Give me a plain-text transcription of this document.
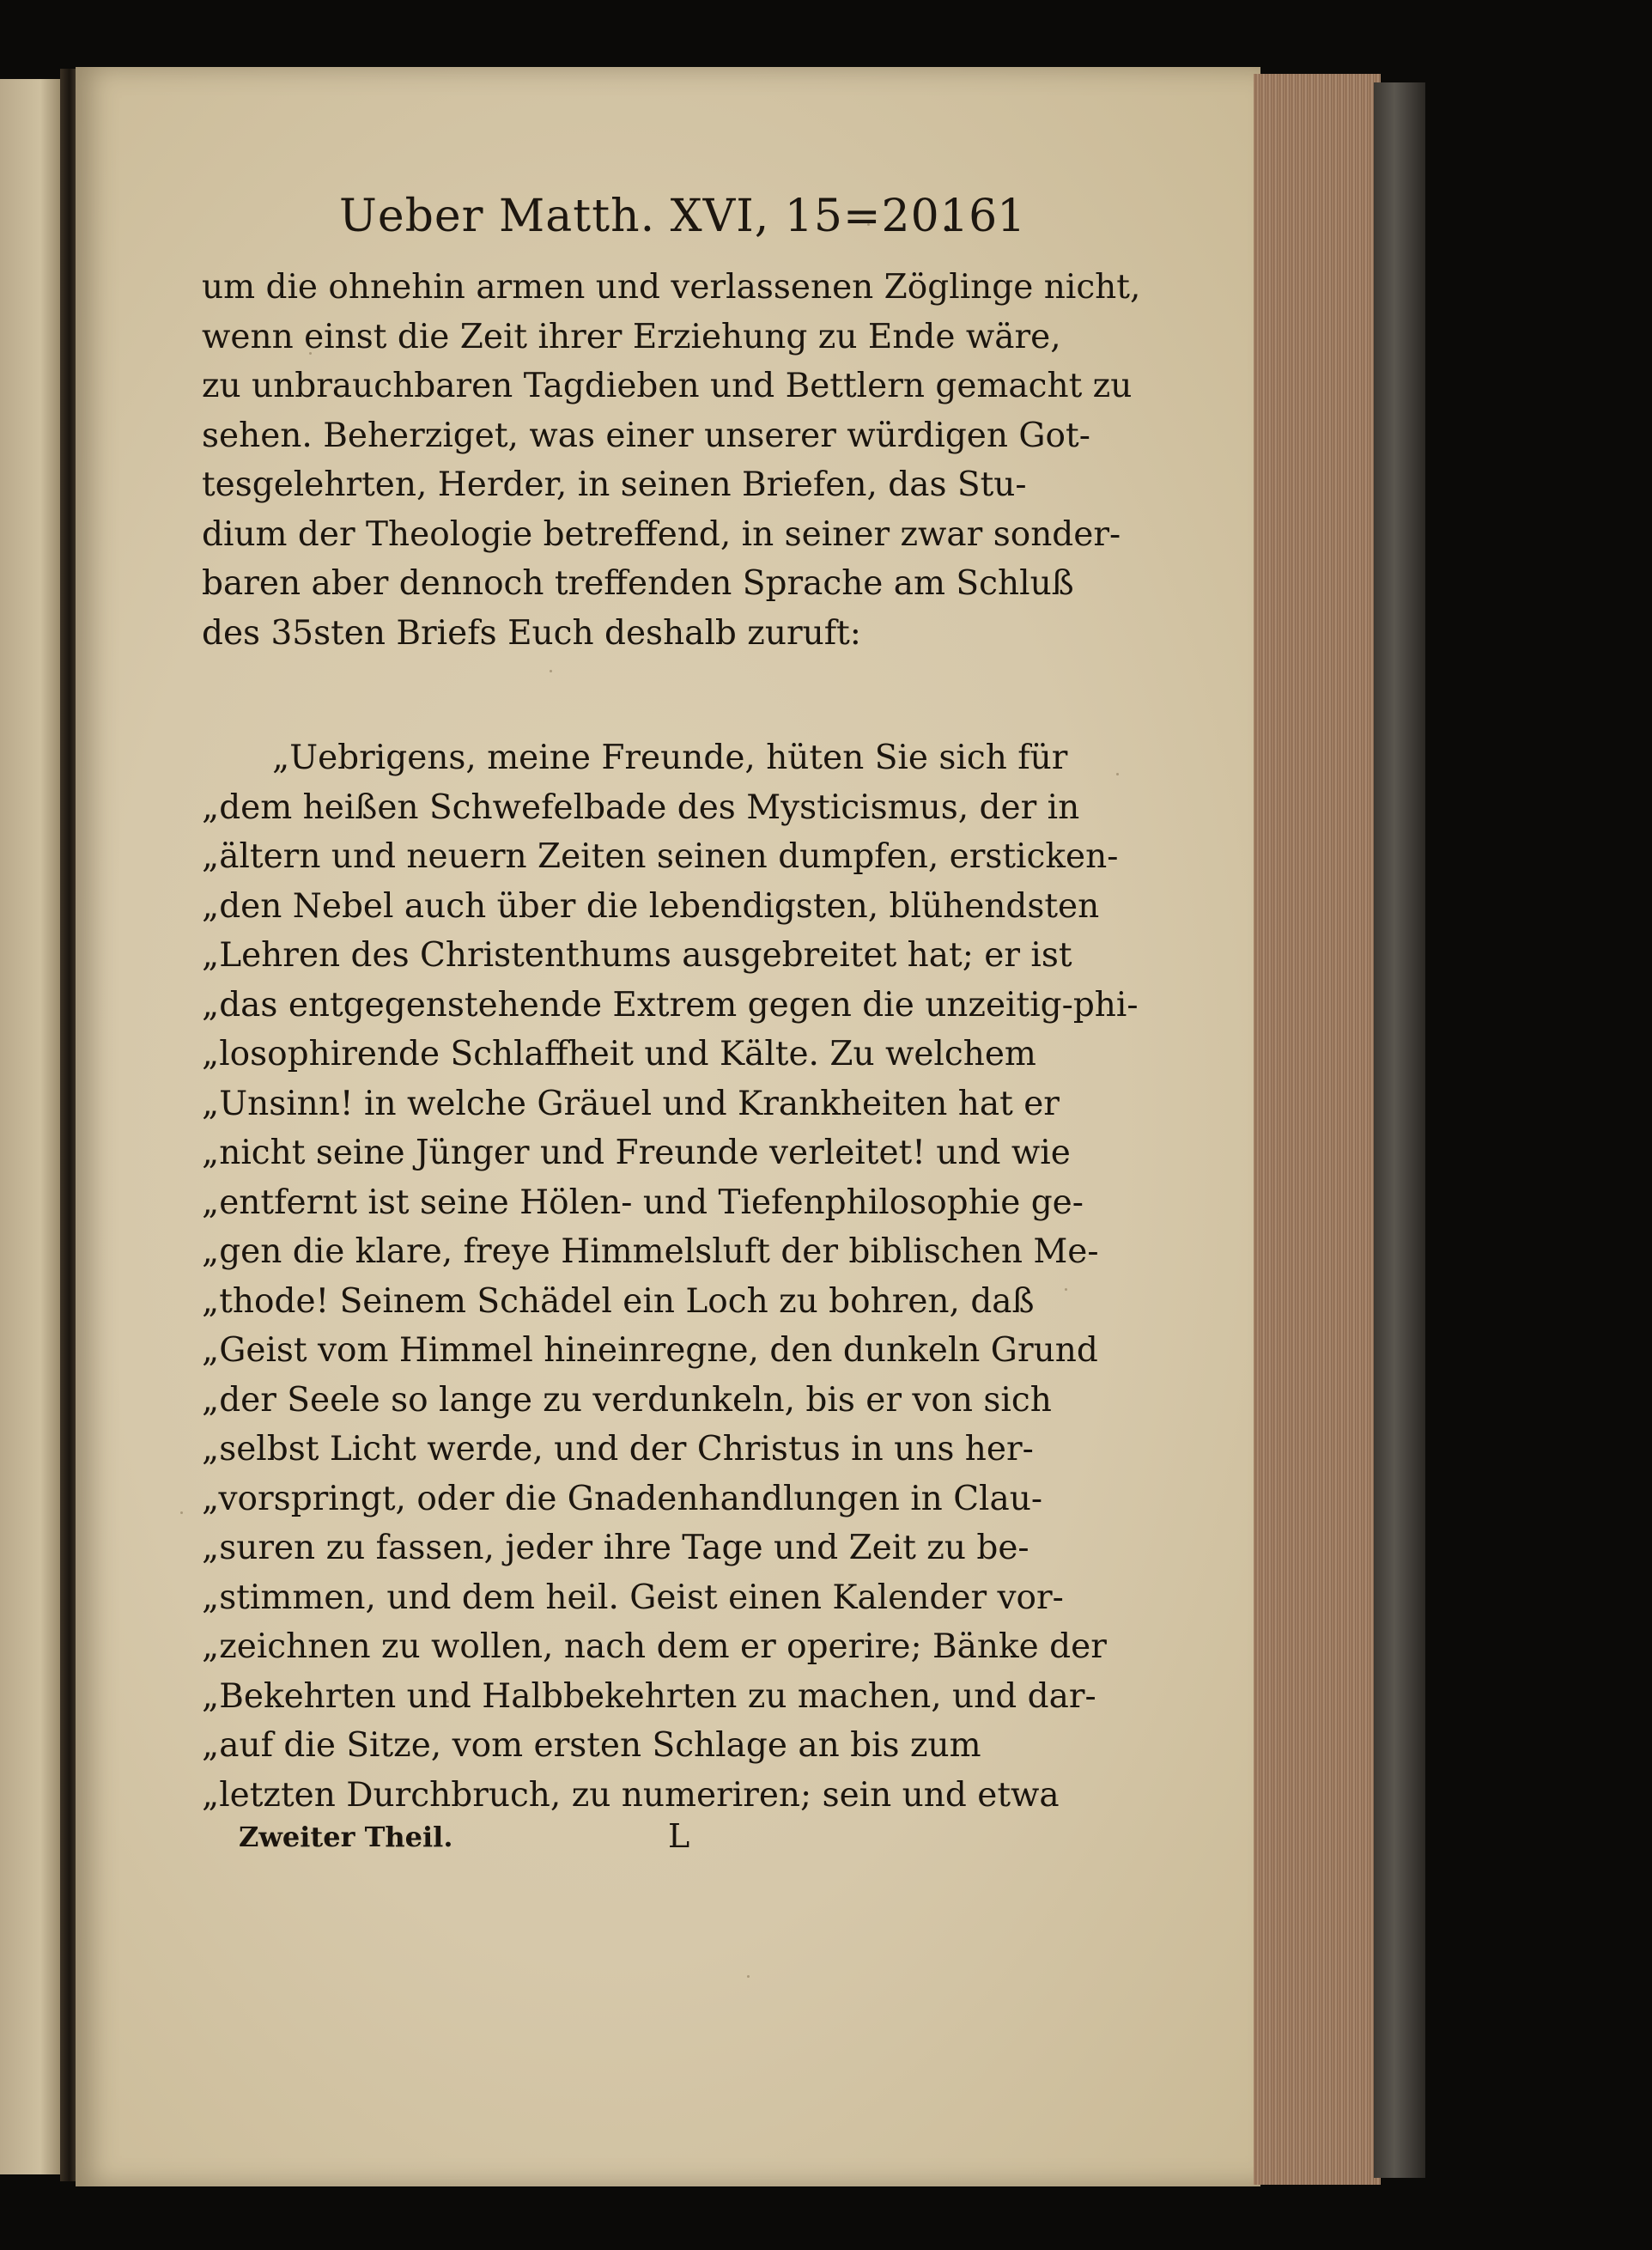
Ueber Matth. XVI, 15=20.
161
um die ohnehin armen und verlassenen Zöglinge nicht,
wenn einst die Zeit ihrer Erziehung zu Ende wäre,
zu unbrauchbaren Tagdieben und Bettlern gemacht zu
sehen. Beherziget, was einer unserer würdigen Got-
tesgelehrten, Herder, in seinen Briefen, das Stu-
dium der Theologie betreffend, in seiner zwar sonder-
baren aber dennoch treffenden Sprache am Schluß
des 35sten Briefs Euch deshalb zuruft:
„Uebrigens, meine Freunde, hüten Sie sich für
„dem heißen Schwefelbade des Mysticismus, der in
„ältern und neuern Zeiten seinen dumpfen, ersticken-
„den Nebel auch über die lebendigsten, blühendsten
„Lehren des Christenthums ausgebreitet hat; er ist
„das entgegenstehende Extrem gegen die unzeitig-phi-
„losophirende Schlaffheit und Kälte. Zu welchem
„Unsinn! in welche Gräuel und Krankheiten hat er
„nicht seine Jünger und Freunde verleitet! und wie
„entfernt ist seine Hölen- und Tiefenphilosophie ge-
„gen die klare, freye Himmelsluft der biblischen Me-
„thode! Seinem Schädel ein Loch zu bohren, daß
„Geist vom Himmel hineinregne, den dunkeln Grund
„der Seele so lange zu verdunkeln, bis er von sich
„selbst Licht werde, und der Christus in uns her-
„vorspringt, oder die Gnadenhandlungen in Clau-
„suren zu fassen, jeder ihre Tage und Zeit zu be-
„stimmen, und dem heil. Geist einen Kalender vor-
„zeichnen zu wollen, nach dem er operire; Bänke der
„Bekehrten und Halbbekehrten zu machen, und dar-
„auf die Sitze, vom ersten Schlage an bis zum
„letzten Durchbruch, zu numeriren; sein und etwa
Zweiter Theil.	L
